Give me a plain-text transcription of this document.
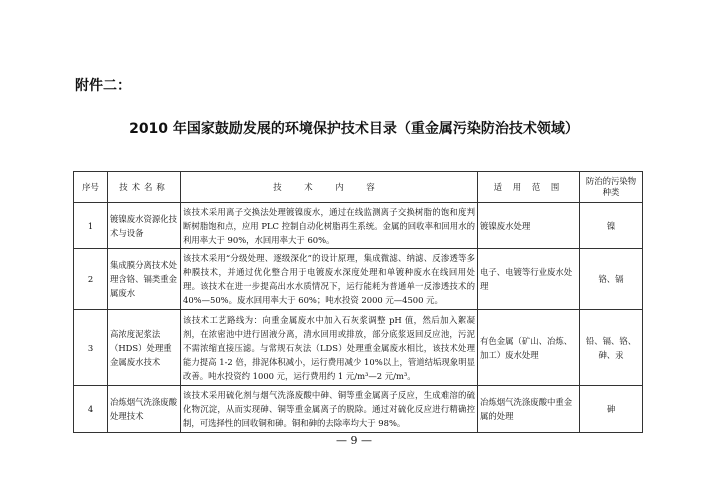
附件二：
2010 年国家鼓励发展的环境保护技术目录（重金属污染防治技术领域）
序号	技术名称	技 术 内 容	适 用 范 围	防治的污染物种类
1	镀镍废水资源化技术与设备	该技术采用离子交换法处理镀镍废水，通过在线监测离子交换树脂的饱和度判断树脂饱和点，应用 PLC 控制自动化树脂再生系统。金属的回收率和回用水的利用率大于 90%，水回用率大于 60%。	镀镍废水处理	镍
2	集成膜分离技术处理含铬、镉类重金属废水	该技术采用“分级处理、逐级深化”的设计原理，集成微滤、纳滤、反渗透等多种膜技术，并通过优化整合用于电镀废水深度处理和单镀种废水在线回用处理。该技术在进一步提高出水水质情况下，运行能耗为普通单一反渗透技术的 40%—50%。废水回用率大于 60%；吨水投资 2000 元—4500 元。	电子、电镀等行业废水处理	铬、镉
3	高浓度泥浆法（HDS）处理重金属废水技术	该技术工艺路线为：向重金属废水中加入石灰浆调整 pH 值，然后加入絮凝剂，在浓密池中进行固液分离，清水回用或排放，部分底浆返回反应池，污泥不需浓缩直接压滤。与常规石灰法（LDS）处理重金属废水相比，该技术处理能力提高 1-2 倍，排泥体积减小，运行费用减少 10%以上，管道结垢现象明显改善。吨水投资约 1000 元，运行费用约 1 元/m³—2 元/m³。	有色金属（矿山、冶炼、加工）废水处理	铅、镉、铬、砷、汞
4	冶炼烟气洗涤废酸处理技术	该技术采用硫化剂与烟气洗涤废酸中砷、铜等重金属离子反应，生成难溶的硫化物沉淀，从而实现砷、铜等重金属离子的脱除。通过对硫化反应进行精确控制，可选择性的回收铜和砷。铜和砷的去除率均大于 98%。	冶炼烟气洗涤废酸中重金属的处理	砷
— 9 —
